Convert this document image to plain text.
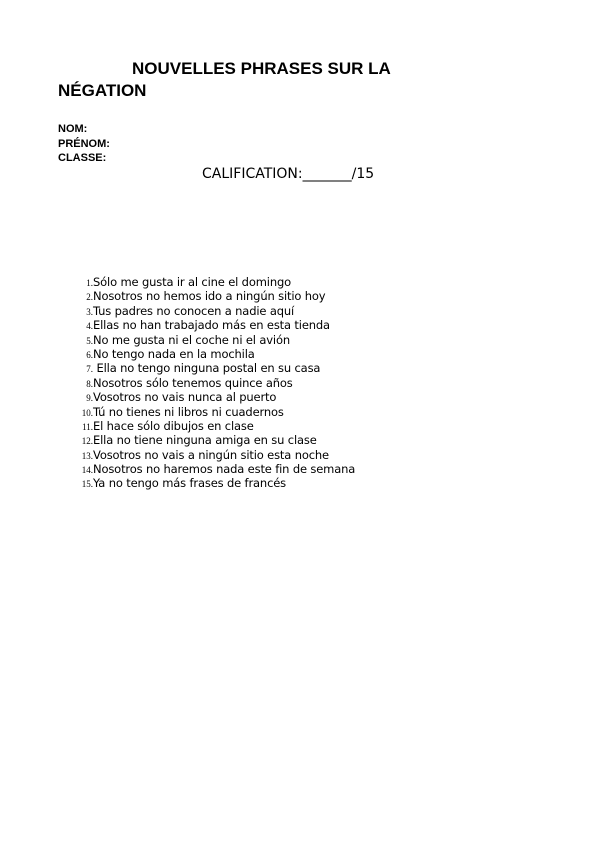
NOUVELLES PHRASES SUR LA
NÉGATION
NOM:
PRÉNOM:
CLASSE:
CALIFICATION:_______/15
1. Sólo me gusta ir al cine el domingo
2. Nosotros no hemos ido a ningún sitio hoy
3. Tus padres no conocen a nadie aquí
4. Ellas no han trabajado más en esta tienda
5. No me gusta ni el coche ni el avión
6. No tengo nada en la mochila
7. Ella no tengo ninguna postal en su casa
8. Nosotros sólo tenemos quince años
9. Vosotros no vais nunca al puerto
10. Tú no tienes ni libros ni cuadernos
11. El hace sólo dibujos en clase
12. Ella no tiene ninguna amiga en su clase
13. Vosotros no vais a ningún sitio esta noche
14. Nosotros no haremos nada este fin de semana
15. Ya no tengo más frases de francés
